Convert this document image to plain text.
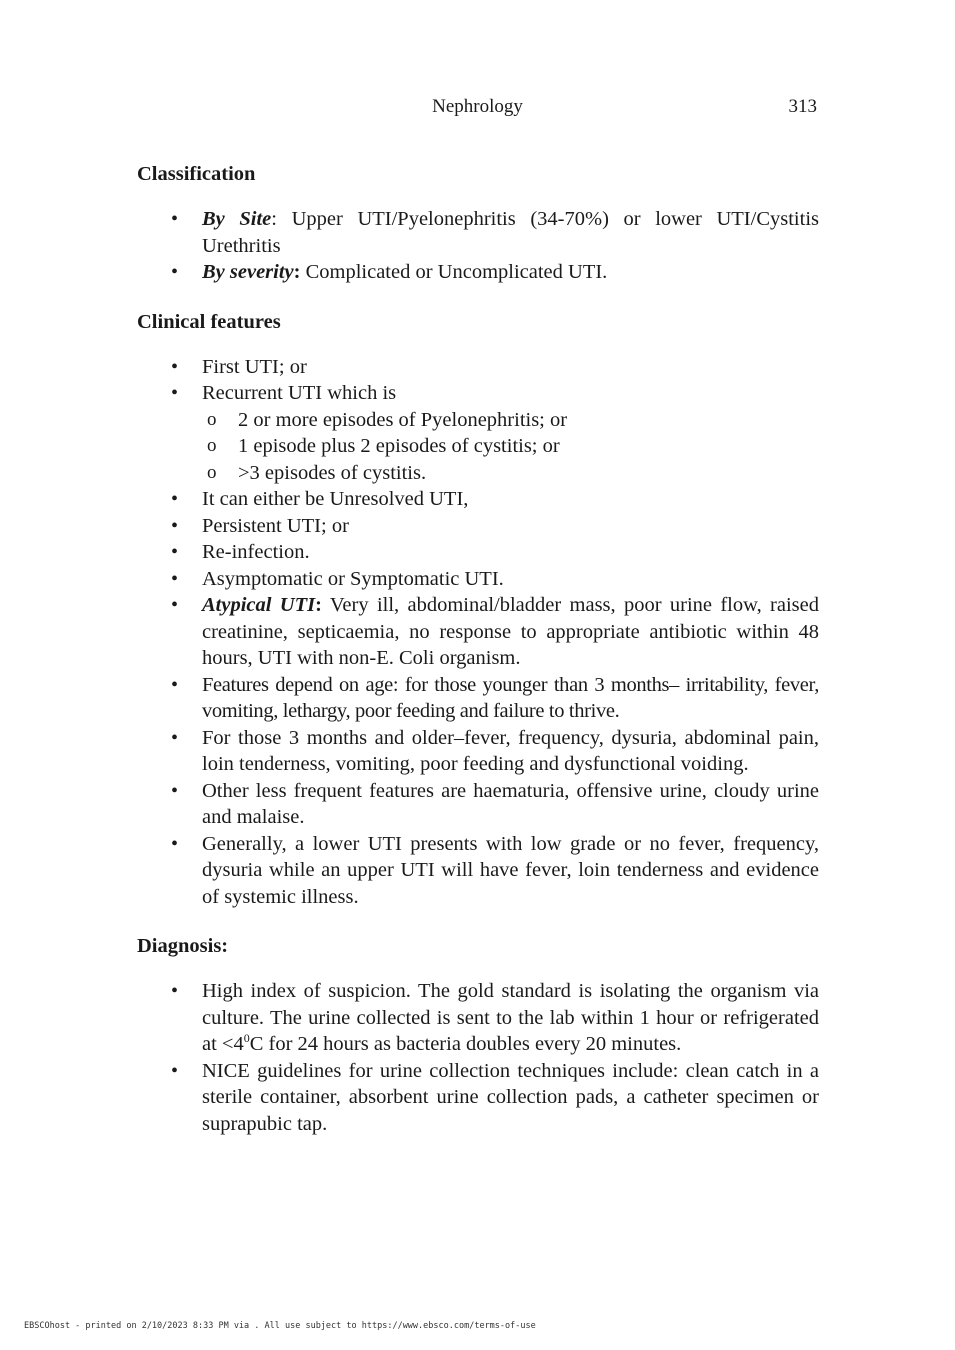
Nephrology	313
Classification
• By Site: Upper UTI/Pyelonephritis (34-70%) or lower UTI/Cystitis Urethritis
• By severity: Complicated or Uncomplicated UTI.
Clinical features
• First UTI; or
• Recurrent UTI which is
o 2 or more episodes of Pyelonephritis; or
o 1 episode plus 2 episodes of cystitis; or
o >3 episodes of cystitis.
• It can either be Unresolved UTI,
• Persistent UTI; or
• Re-infection.
• Asymptomatic or Symptomatic UTI.
• Atypical UTI: Very ill, abdominal/bladder mass, poor urine flow, raised creatinine, septicaemia, no response to appropriate antibiotic within 48 hours, UTI with non-E. Coli organism.
• Features depend on age: for those younger than 3 months– irritability, fever, vomiting, lethargy, poor feeding and failure to thrive.
• For those 3 months and older–fever, frequency, dysuria, abdominal pain, loin tenderness, vomiting, poor feeding and dysfunctional voiding.
• Other less frequent features are haematuria, offensive urine, cloudy urine and malaise.
• Generally, a lower UTI presents with low grade or no fever, frequency, dysuria while an upper UTI will have fever, loin tenderness and evidence of systemic illness.
Diagnosis:
• High index of suspicion. The gold standard is isolating the organism via culture. The urine collected is sent to the lab within 1 hour or refrigerated at $<4^0C$ for 24 hours as bacteria doubles every 20 minutes.
• NICE guidelines for urine collection techniques include: clean catch in a sterile container, absorbent urine collection pads, a catheter specimen or suprapubic tap.
EBSCOhost - printed on 2/10/2023 8:33 PM via . All use subject to https://www.ebsco.com/terms-of-use
